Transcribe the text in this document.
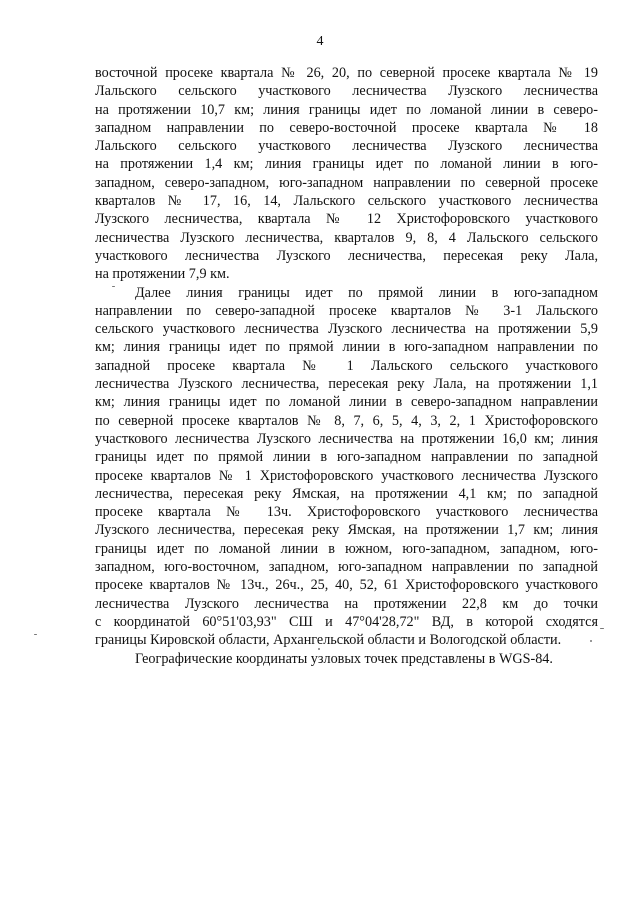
4
восточной просеке квартала № 26, 20, по северной просеке квартала № 19
Лальского сельского участкового лесничества Лузского лесничества
на протяжении 10,7 км; линия границы идет по ломаной линии в северо-
западном направлении по северо-восточной просеке квартала № 18
Лальского сельского участкового лесничества Лузского лесничества
на протяжении 1,4 км; линия границы идет по ломаной линии в юго-
западном, северо-западном, юго-западном направлении по северной просеке
кварталов № 17, 16, 14, Лальского сельского участкового лесничества
Лузского лесничества, квартала № 12 Христофоровского участкового
лесничества Лузского лесничества, кварталов 9, 8, 4 Лальского сельского
участкового лесничества Лузского лесничества, пересекая реку Лала,
на протяжении 7,9 км.
Далее линия границы идет по прямой линии в юго-западном
направлении по северо-западной просеке кварталов № 3-1 Лальского
сельского участкового лесничества Лузского лесничества на протяжении 5,9
км; линия границы идет по прямой линии в юго-западном направлении по
западной просеке квартала № 1 Лальского сельского участкового
лесничества Лузского лесничества, пересекая реку Лала, на протяжении 1,1
км; линия границы идет по ломаной линии в северо-западном направлении
по северной просеке кварталов № 8, 7, 6, 5, 4, 3, 2, 1 Христофоровского
участкового лесничества Лузского лесничества на протяжении 16,0 км; линия
границы идет по прямой линии в юго-западном направлении по западной
просеке кварталов № 1 Христофоровского участкового лесничества Лузского
лесничества, пересекая реку Ямская, на протяжении 4,1 км; по западной
просеке квартала № 13ч. Христофоровского участкового лесничества
Лузского лесничества, пересекая реку Ямская, на протяжении 1,7 км; линия
границы идет по ломаной линии в южном, юго-западном, западном, юго-
западном, юго-восточном, западном, юго-западном направлении по западной
просеке кварталов № 13ч., 26ч., 25, 40, 52, 61 Христофоровского участкового
лесничества Лузского лесничества на протяжении 22,8 км до точки
с координатой 60°51'03,93" СШ и 47°04'28,72" ВД, в которой сходятся
границы Кировской области, Архангельской области и Вологодской области.
Географические координаты узловых точек представлены в WGS-84.
